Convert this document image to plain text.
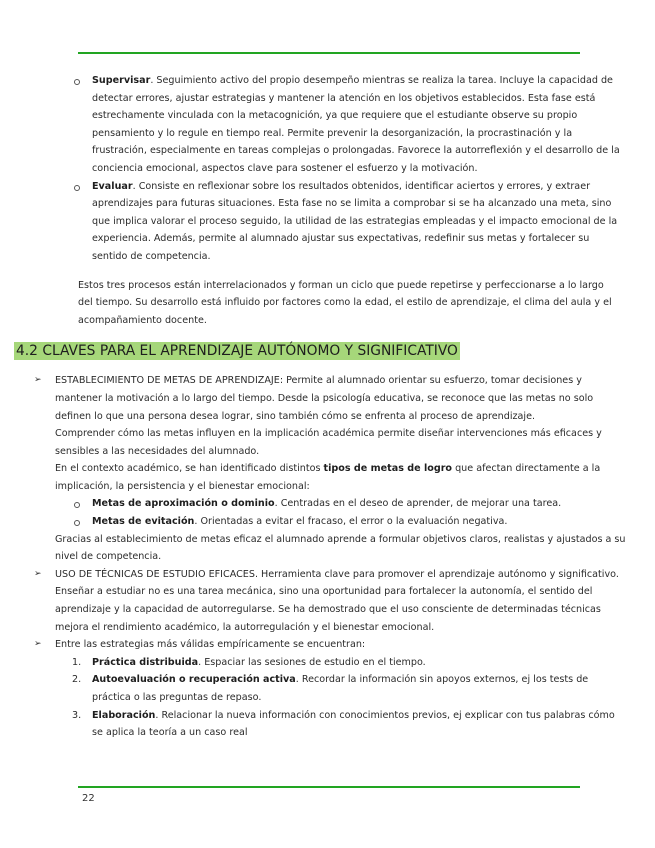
Supervisar. Seguimiento activo del propio desempeño mientras se realiza la tarea. Incluye la capacidad de detectar errores, ajustar estrategias y mantener la atención en los objetivos establecidos. Esta fase está estrechamente vinculada con la metacognición, ya que requiere que el estudiante observe su propio pensamiento y lo regule en tiempo real. Permite prevenir la desorganización, la procrastinación y la frustración, especialmente en tareas complejas o prolongadas. Favorece la autorreflexión y el desarrollo de la conciencia emocional, aspectos clave para sostener el esfuerzo y la motivación.
Evaluar. Consiste en reflexionar sobre los resultados obtenidos, identificar aciertos y errores, y extraer aprendizajes para futuras situaciones. Esta fase no se limita a comprobar si se ha alcanzado una meta, sino que implica valorar el proceso seguido, la utilidad de las estrategias empleadas y el impacto emocional de la experiencia. Además, permite al alumnado ajustar sus expectativas, redefinir sus metas y fortalecer su sentido de competencia.

Estos tres procesos están interrelacionados y forman un ciclo que puede repetirse y perfeccionarse a lo largo del tiempo. Su desarrollo está influido por factores como la edad, el estilo de aprendizaje, el clima del aula y el acompañamiento docente.

4.2 CLAVES PARA EL APRENDIZAJE AUTÓNOMO Y SIGNIFICATIVO
➢ ESTABLECIMIENTO DE METAS DE APRENDIZAJE: Permite al alumnado orientar su esfuerzo, tomar decisiones y mantener la motivación a lo largo del tiempo. Desde la psicología educativa, se reconoce que las metas no solo definen lo que una persona desea lograr, sino también cómo se enfrenta al proceso de aprendizaje.
Comprender cómo las metas influyen en la implicación académica permite diseñar intervenciones más eficaces y sensibles a las necesidades del alumnado.
En el contexto académico, se han identificado distintos tipos de metas de logro que afectan directamente a la implicación, la persistencia y el bienestar emocional:
Metas de aproximación o dominio. Centradas en el deseo de aprender, de mejorar una tarea.
Metas de evitación. Orientadas a evitar el fracaso, el error o la evaluación negativa.
Gracias al establecimiento de metas eficaz el alumnado aprende a formular objetivos claros, realistas y ajustados a su nivel de competencia.
➢ USO DE TÉCNICAS DE ESTUDIO EFICACES. Herramienta clave para promover el aprendizaje autónomo y significativo. Enseñar a estudiar no es una tarea mecánica, sino una oportunidad para fortalecer la autonomía, el sentido del aprendizaje y la capacidad de autorregularse. Se ha demostrado que el uso consciente de determinadas técnicas mejora el rendimiento académico, la autorregulación y el bienestar emocional.
➢ Entre las estrategias más válidas empíricamente se encuentran:
1. Práctica distribuida. Espaciar las sesiones de estudio en el tiempo.
2. Autoevaluación o recuperación activa. Recordar la información sin apoyos externos, ej los tests de práctica o las preguntas de repaso.
3. Elaboración. Relacionar la nueva información con conocimientos previos, ej explicar con tus palabras cómo se aplica la teoría a un caso real
22
